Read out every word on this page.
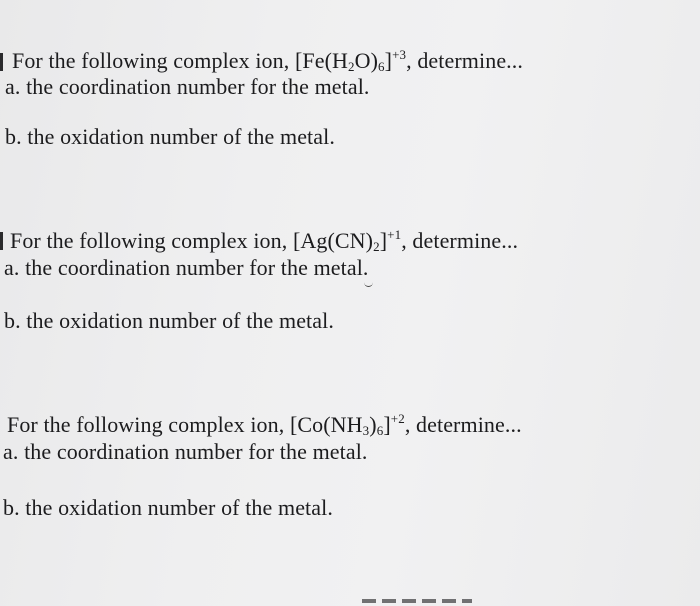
For the following complex ion, $[Fe(H_2O)_6]^{+3}$, determine...

a. the coordination number for the metal.

b. the oxidation number of the metal.

For the following complex ion, $[Ag(CN)_2]^{+1}$, determine...

a. the coordination number for the metal.

b. the oxidation number of the metal.

For the following complex ion, $[Co(NH_3)_6]^{+2}$, determine...

a. the coordination number for the metal.

b. the oxidation number of the metal.
